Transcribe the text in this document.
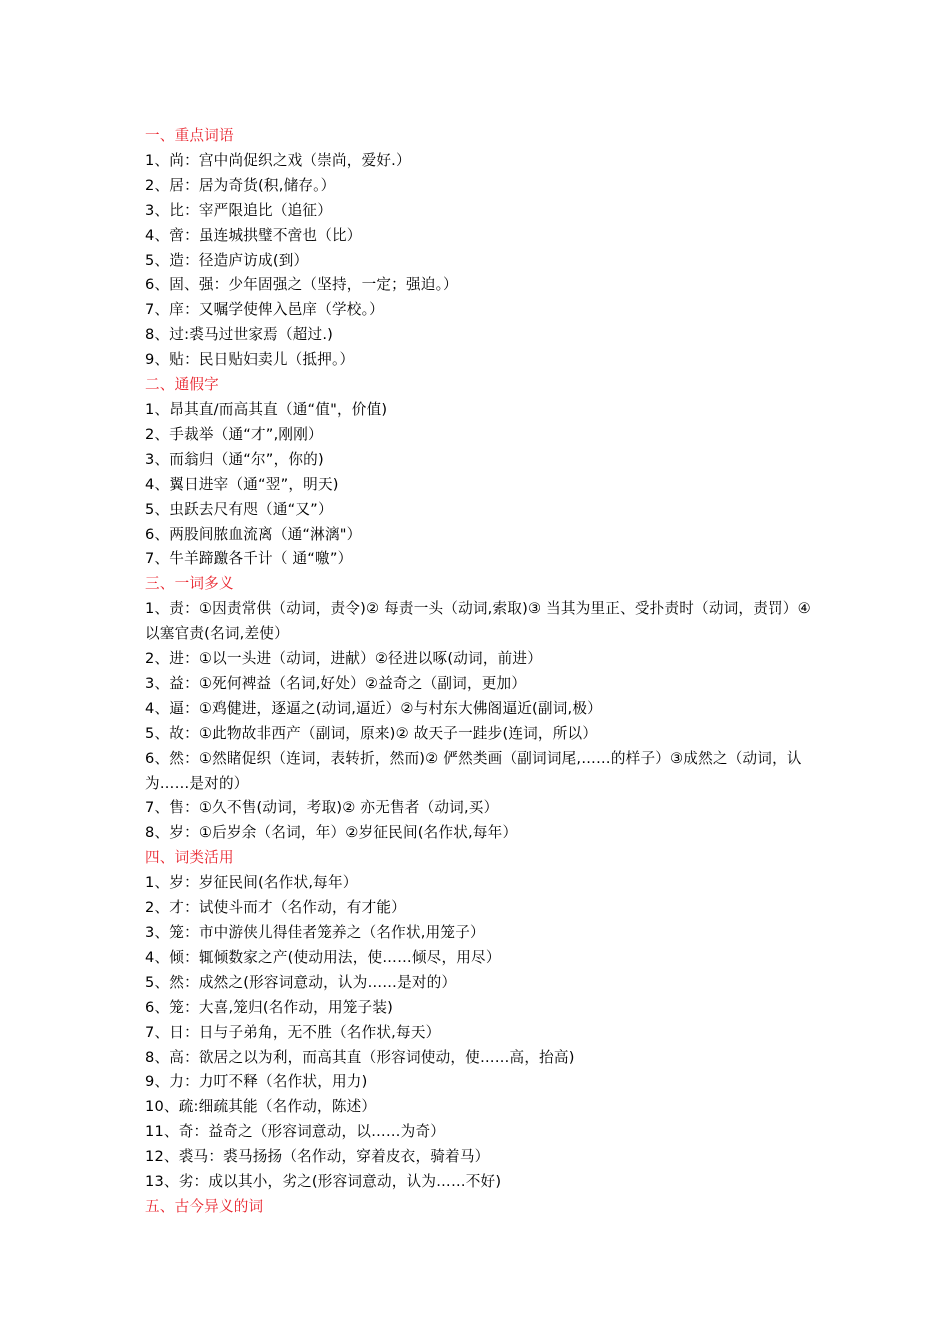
一、重点词语
1、尚：宫中尚促织之戏（崇尚，爱好.）
2、居：居为奇货(积,储存。）
3、比：宰严限追比（追征）
4、啻：虽连城拱璧不啻也（比）
5、造：径造庐访成(到）
6、固、强：少年固强之（坚持，一定；强迫。）
7、庠：又嘱学使俾入邑庠（学校。）
8、过:裘马过世家焉（超过.)
9、贴：民日贴妇卖儿（抵押。）
二、通假字
1、昂其直/而高其直（通“值"，价值)
2、手裁举（通“才”,刚刚）
3、而翁归（通“尔”，你的)
4、翼日进宰（通“翌”，明天)
5、虫跃去尺有咫（通“又”）
6、两股间脓血流离（通“淋漓"）
7、牛羊蹄躈各千计（ 通“噭”）
三、一词多义
1、责：①因责常供（动词，责令)② 每责一头（动词,索取)③ 当其为里正、受扑责时（动词，责罚）④以塞官责(名词,差使）
2、进：①以一头进（动词，进献）②径进以啄(动词，前进）
3、益：①死何裨益（名词,好处）②益奇之（副词，更加）
4、逼：①鸡健进，逐逼之(动词,逼近）②与村东大佛阁逼近(副词,极）
5、故：①此物故非西产（副词，原来)② 故天子一跬步(连词，所以）
6、然：①然睹促织（连词，表转折，然而)② 俨然类画（副词词尾,……的样子）③成然之（动词，认为……是对的）
7、售：①久不售(动词，考取)② 亦无售者（动词,买）
8、岁：①后岁余（名词，年）②岁征民间(名作状,每年）
四、词类活用
1、岁：岁征民间(名作状,每年）
2、才：试使斗而才（名作动，有才能）
3、笼：市中游侠儿得佳者笼养之（名作状,用笼子）
4、倾：辄倾数家之产(使动用法，使……倾尽，用尽）
5、然：成然之(形容词意动，认为……是对的）
6、笼：大喜,笼归(名作动，用笼子装)
7、日：日与子弟角，无不胜（名作状,每天）
8、高：欲居之以为利，而高其直（形容词使动，使……高，抬高)
9、力：力叮不释（名作状，用力)
10、疏:细疏其能（名作动，陈述）
11、奇：益奇之（形容词意动，以……为奇）
12、裘马：裘马扬扬（名作动，穿着皮衣，骑着马）
13、劣：成以其小，劣之(形容词意动，认为……不好)
五、古今异义的词
